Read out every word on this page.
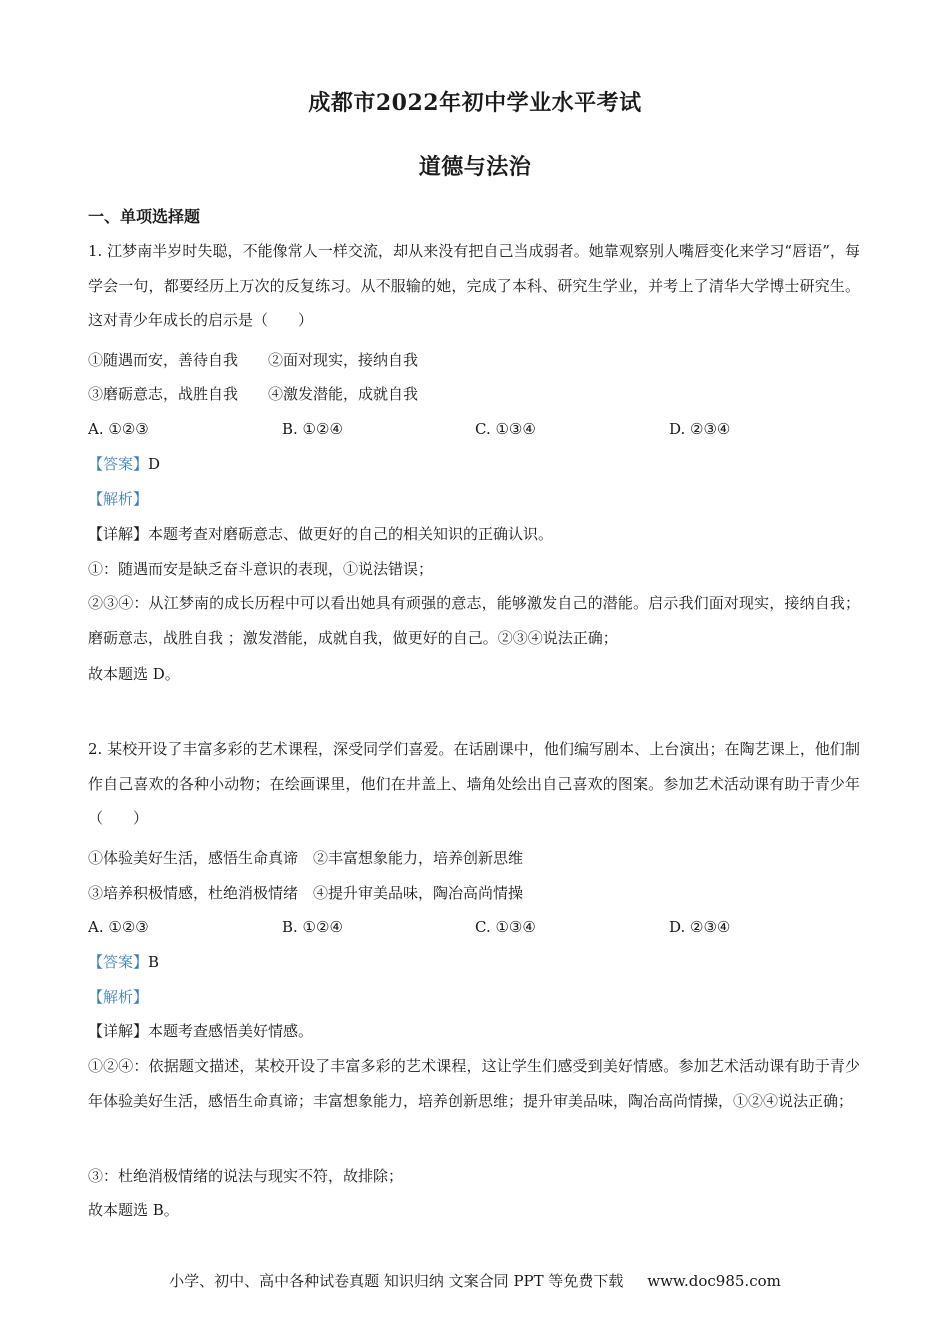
成都市2022年初中学业水平考试
道德与法治
一、单项选择题
1. 江梦南半岁时失聪，不能像常人一样交流，却从来没有把自己当成弱者。她靠观察别人嘴唇变化来学习“唇语”，每学会一句，都要经历上万次的反复练习。从不服输的她，完成了本科、研究生学业，并考上了清华大学博士研究生。这对青少年成长的启示是（　　）
①随遇而安，善待自我　　②面对现实，接纳自我
③磨砺意志，战胜自我　　④激发潜能，成就自我
A. ①②③	B. ①②④	C. ①③④	D. ②③④
【答案】D
【解析】
【详解】本题考查对磨砺意志、做更好的自己的相关知识的正确认识。
①：随遇而安是缺乏奋斗意识的表现，①说法错误；
②③④：从江梦南的成长历程中可以看出她具有顽强的意志，能够激发自己的潜能。启示我们面对现实，接纳自我；磨砺意志，战胜自我 ；激发潜能，成就自我，做更好的自己。②③④说法正确；
故本题选 D。
2. 某校开设了丰富多彩的艺术课程，深受同学们喜爱。在话剧课中，他们编写剧本、上台演出；在陶艺课上，他们制作自己喜欢的各种小动物；在绘画课里，他们在井盖上、墙角处绘出自己喜欢的图案。参加艺术活动课有助于青少年（　　）
①体验美好生活，感悟生命真谛　②丰富想象能力，培养创新思维
③培养积极情感，杜绝消极情绪　④提升审美品味，陶冶高尚情操
A. ①②③	B. ①②④	C. ①③④	D. ②③④
【答案】B
【解析】
【详解】本题考查感悟美好情感。
①②④：依据题文描述，某校开设了丰富多彩的艺术课程，这让学生们感受到美好情感。参加艺术活动课有助于青少年体验美好生活，感悟生命真谛；丰富想象能力，培养创新思维；提升审美品味，陶冶高尚情操，①②④说法正确；
③：杜绝消极情绪的说法与现实不符，故排除；
故本题选 B。
小学、初中、高中各种试卷真题 知识归纳 文案合同 PPT 等免费下载 www.doc985.com
